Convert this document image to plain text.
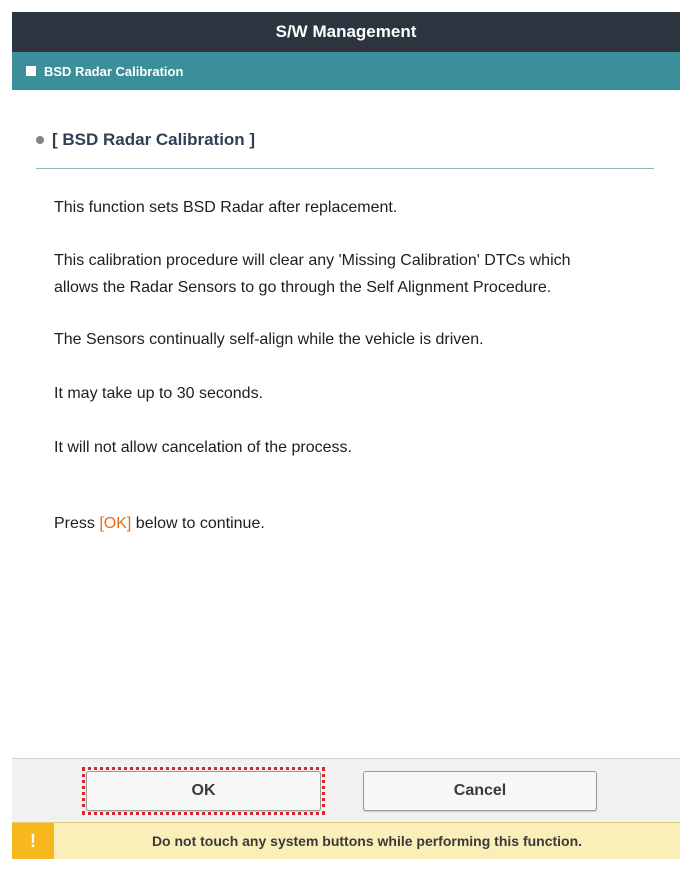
S/W Management
BSD Radar Calibration
[ BSD Radar Calibration ]
This function sets BSD Radar after replacement.
This calibration procedure will clear any 'Missing Calibration' DTCs which
allows the Radar Sensors to go through the Self Alignment Procedure.
The Sensors continually self-align while the vehicle is driven.
It may take up to 30 seconds.
It will not allow cancelation of the process.
Press [OK] below to continue.
OK	Cancel
!	Do not touch any system buttons while performing this function.
